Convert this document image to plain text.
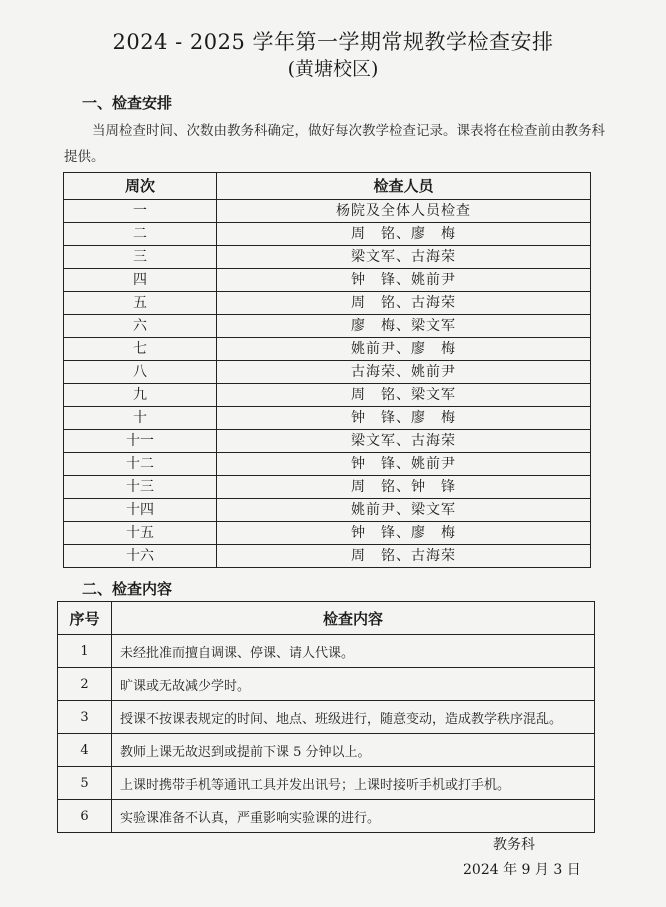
2024 - 2025 学年第一学期常规教学检查安排
(黄塘校区)
一、检查安排
当周检查时间、次数由教务科确定，做好每次教学检查记录。课表将在检查前由教务科提供。
周次	检查人员
一	杨院及全体人员检查
二	周　铭、廖　梅
三	梁文军、古海荣
四	钟　锋、姚前尹
五	周　铭、古海荣
六	廖　梅、梁文军
七	姚前尹、廖　梅
八	古海荣、姚前尹
九	周　铭、梁文军
十	钟　锋、廖　梅
十一	梁文军、古海荣
十二	钟　锋、姚前尹
十三	周　铭、钟　锋
十四	姚前尹、梁文军
十五	钟　锋、廖　梅
十六	周　铭、古海荣
二、检查内容
序号	检查内容
1	未经批准而擅自调课、停课、请人代课。
2	旷课或无故减少学时。
3	授课不按课表规定的时间、地点、班级进行，随意变动，造成教学秩序混乱。
4	教师上课无故迟到或提前下课 5 分钟以上。
5	上课时携带手机等通讯工具并发出讯号；上课时接听手机或打手机。
6	实验课准备不认真，严重影响实验课的进行。
教务科
2024 年 9 月 3 日
